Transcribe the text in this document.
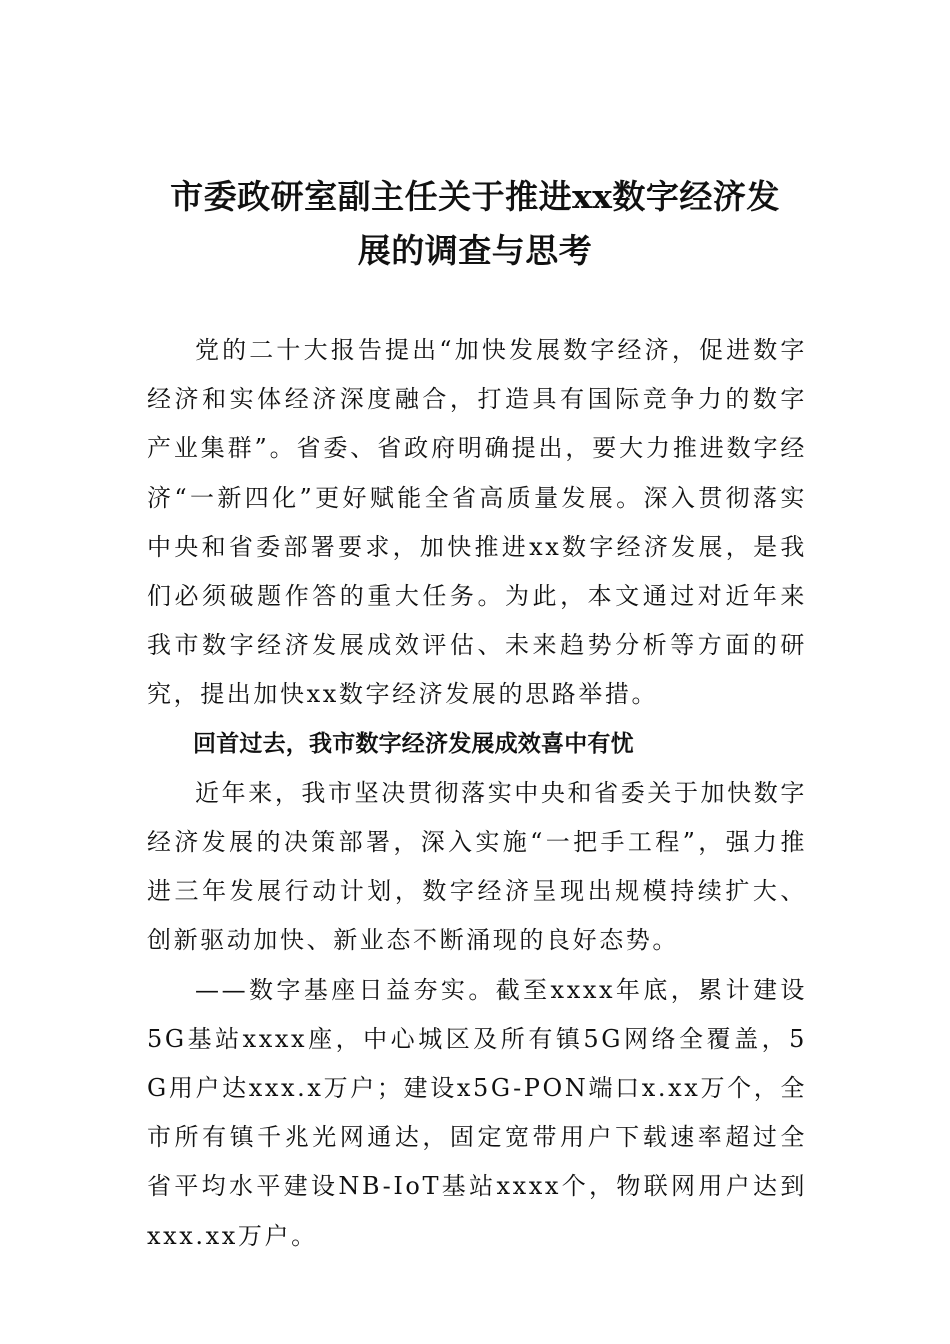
市委政研室副主任关于推进xx数字经济发
展的调查与思考

党的二十大报告提出“加快发展数字经济，促进数字经济和实体经济深度融合，打造具有国际竞争力的数字产业集群”。省委、省政府明确提出，要大力推进数字经济“一新四化”更好赋能全省高质量发展。深入贯彻落实中央和省委部署要求，加快推进xx数字经济发展，是我们必须破题作答的重大任务。为此，本文通过对近年来我市数字经济发展成效评估、未来趋势分析等方面的研究，提出加快xx数字经济发展的思路举措。

回首过去，我市数字经济发展成效喜中有忧

近年来，我市坚决贯彻落实中央和省委关于加快数字经济发展的决策部署，深入实施“一把手工程”，强力推进三年发展行动计划，数字经济呈现出规模持续扩大、创新驱动加快、新业态不断涌现的良好态势。

——数字基座日益夯实。截至xxxx年底，累计建设5G基站xxxx座，中心城区及所有镇5G网络全覆盖，5G用户达xxx.x万户；建设x5G-PON端口x.xx万个，全市所有镇千兆光网通达，固定宽带用户下载速率超过全省平均水平建设NB-IoT基站xxxx个，物联网用户达到xxx.xx万户。
